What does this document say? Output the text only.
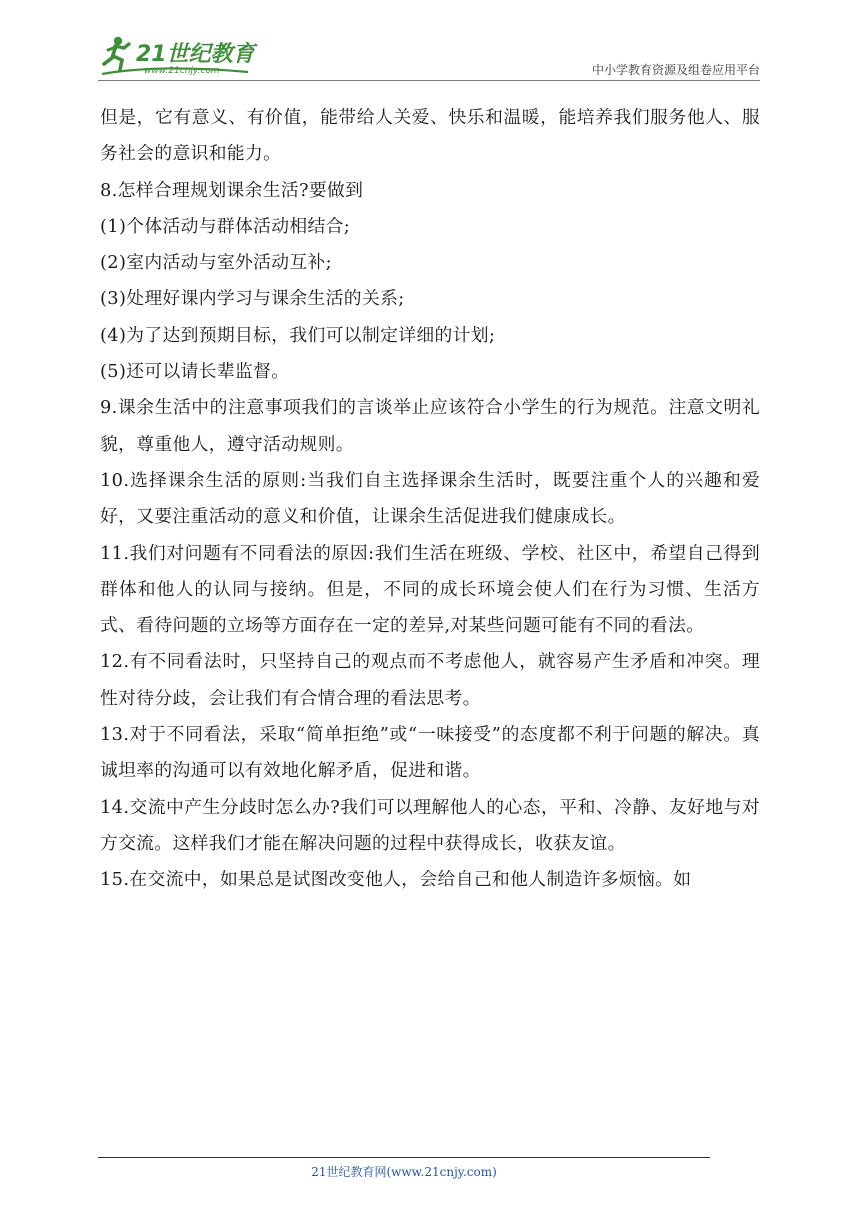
21世纪教育
www.21cnjy.com	中小学教育资源及组卷应用平台

但是，它有意义、有价值，能带给人关爱、快乐和温暖，能培养我们服务他人、服务社会的意识和能力。

8.怎样合理规划课余生活?要做到

(1)个体活动与群体活动相结合;

(2)室内活动与室外活动互补;

(3)处理好课内学习与课余生活的关系;

(4)为了达到预期目标，我们可以制定详细的计划;

(5)还可以请长辈监督。

9.课余生活中的注意事项我们的言谈举止应该符合小学生的行为规范。注意文明礼貌，尊重他人，遵守活动规则。

10.选择课余生活的原则:当我们自主选择课余生活时，既要注重个人的兴趣和爱好，又要注重活动的意义和价值，让课余生活促进我们健康成长。

11.我们对问题有不同看法的原因:我们生活在班级、学校、社区中，希望自己得到群体和他人的认同与接纳。但是，不同的成长环境会使人们在行为习惯、生活方式、看待问题的立场等方面存在一定的差异,对某些问题可能有不同的看法。

12.有不同看法时，只坚持自己的观点而不考虑他人，就容易产生矛盾和冲突。理性对待分歧，会让我们有合情合理的看法思考。

13.对于不同看法，采取“简单拒绝”或“一味接受”的态度都不利于问题的解决。真诚坦率的沟通可以有效地化解矛盾，促进和谐。

14.交流中产生分歧时怎么办?我们可以理解他人的心态，平和、冷静、友好地与对方交流。这样我们才能在解决问题的过程中获得成长，收获友谊。

15.在交流中，如果总是试图改变他人，会给自己和他人制造许多烦恼。如

21世纪教育网(www.21cnjy.com)
